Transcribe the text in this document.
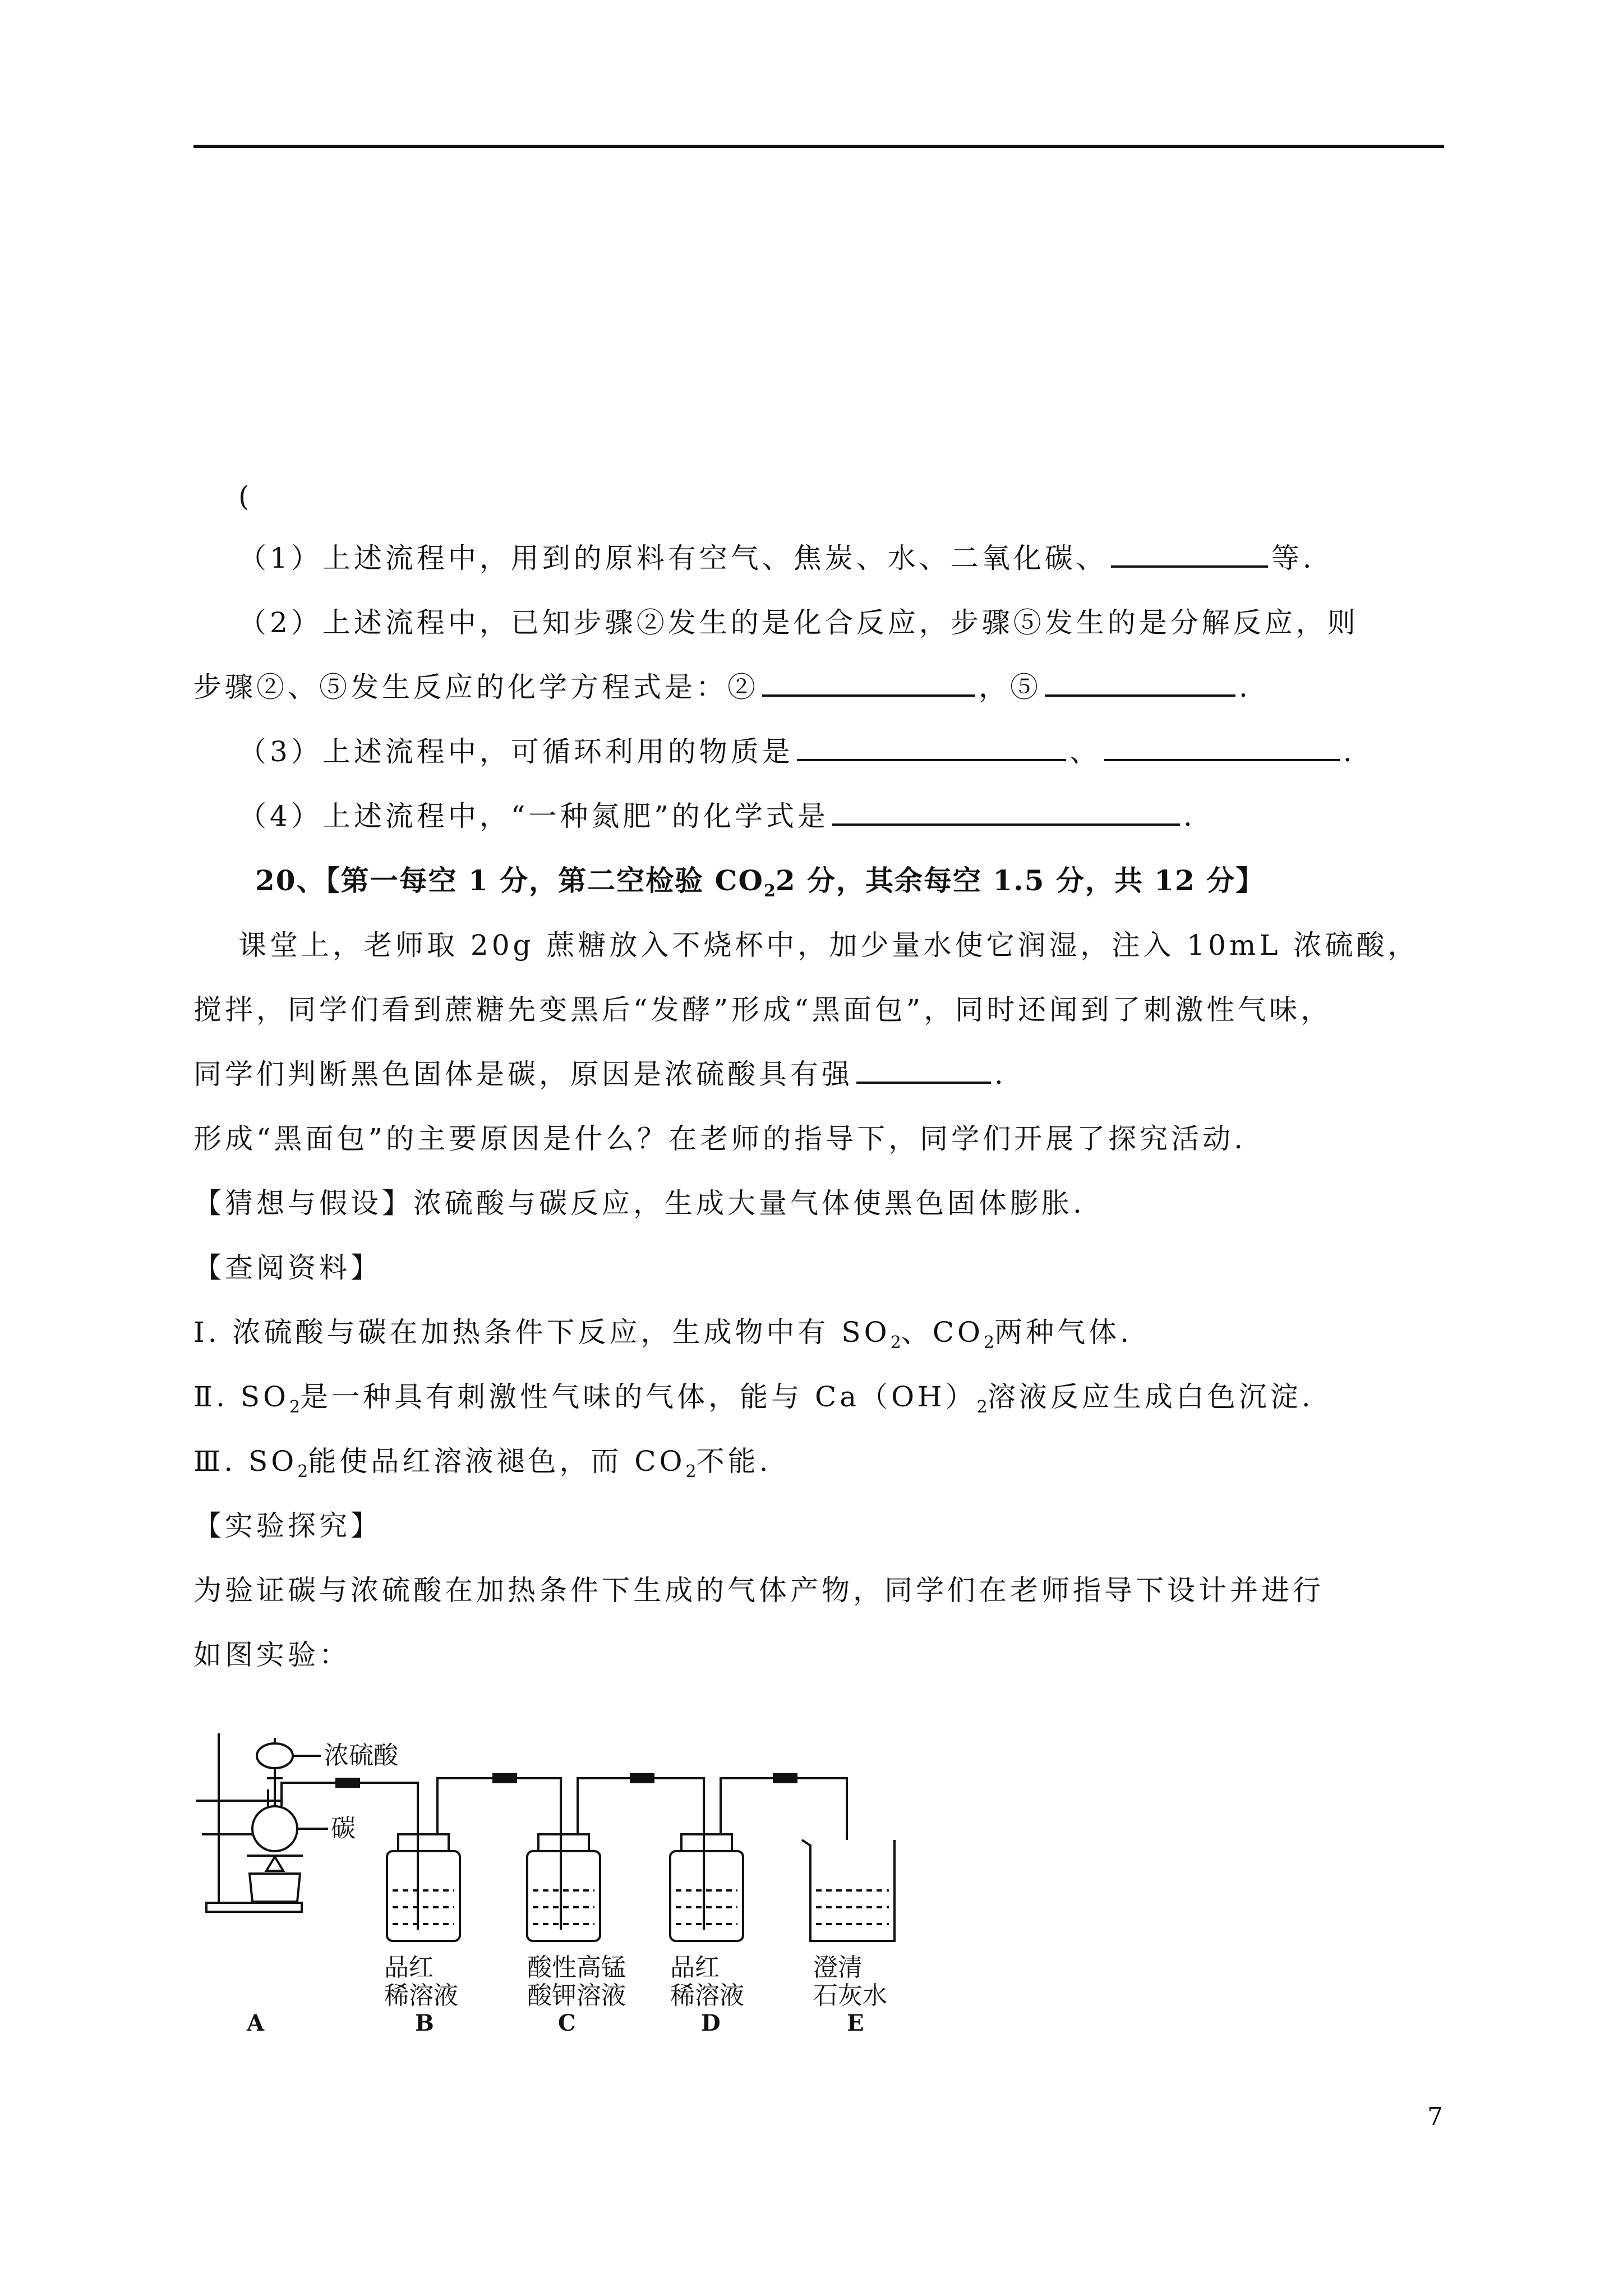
(
（1）上述流程中，用到的原料有空气、焦炭、水、二氧化碳、	等.
（2）上述流程中，已知步骤②发生的是化合反应，步骤⑤发生的是分解反应，则
步骤②、⑤发生反应的化学方程式是：②	，⑤	.
（3）上述流程中，可循环利用的物质是	、	.
（4）上述流程中，“一种氮肥”的化学式是	.
20、【第一每空 1 分，第二空检验 $CO_22$ 分，其余每空 1.5 分，共 12 分】
课堂上，老师取 20g 蔗糖放入不烧杯中，加少量水使它润湿，注入 10mL 浓硫酸，
搅拌，同学们看到蔗糖先变黑后“发酵”形成“黑面包”，同时还闻到了刺激性气味，
同学们判断黑色固体是碳，原因是浓硫酸具有强	.
形成“黑面包”的主要原因是什么？在老师的指导下，同学们开展了探究活动.
【猜想与假设】浓硫酸与碳反应，生成大量气体使黑色固体膨胀.
【查阅资料】
Ⅰ. 浓硫酸与碳在加热条件下反应，生成物中有 $SO_2$、$CO_2$两种气体.
Ⅱ. $SO_2$是一种具有刺激性气味的气体，能与 $Ca(OH)_2$溶液反应生成白色沉淀.
Ⅲ. $SO_2$能使品红溶液褪色，而 $CO_2$不能.
【实验探究】
为验证碳与浓硫酸在加热条件下生成的气体产物，同学们在老师指导下设计并进行
如图实验：
浓硫酸
碳
品红
稀溶液
酸性高锰
酸钾溶液
品红
稀溶液
澄清
石灰水
A	B	C	D	E
7
